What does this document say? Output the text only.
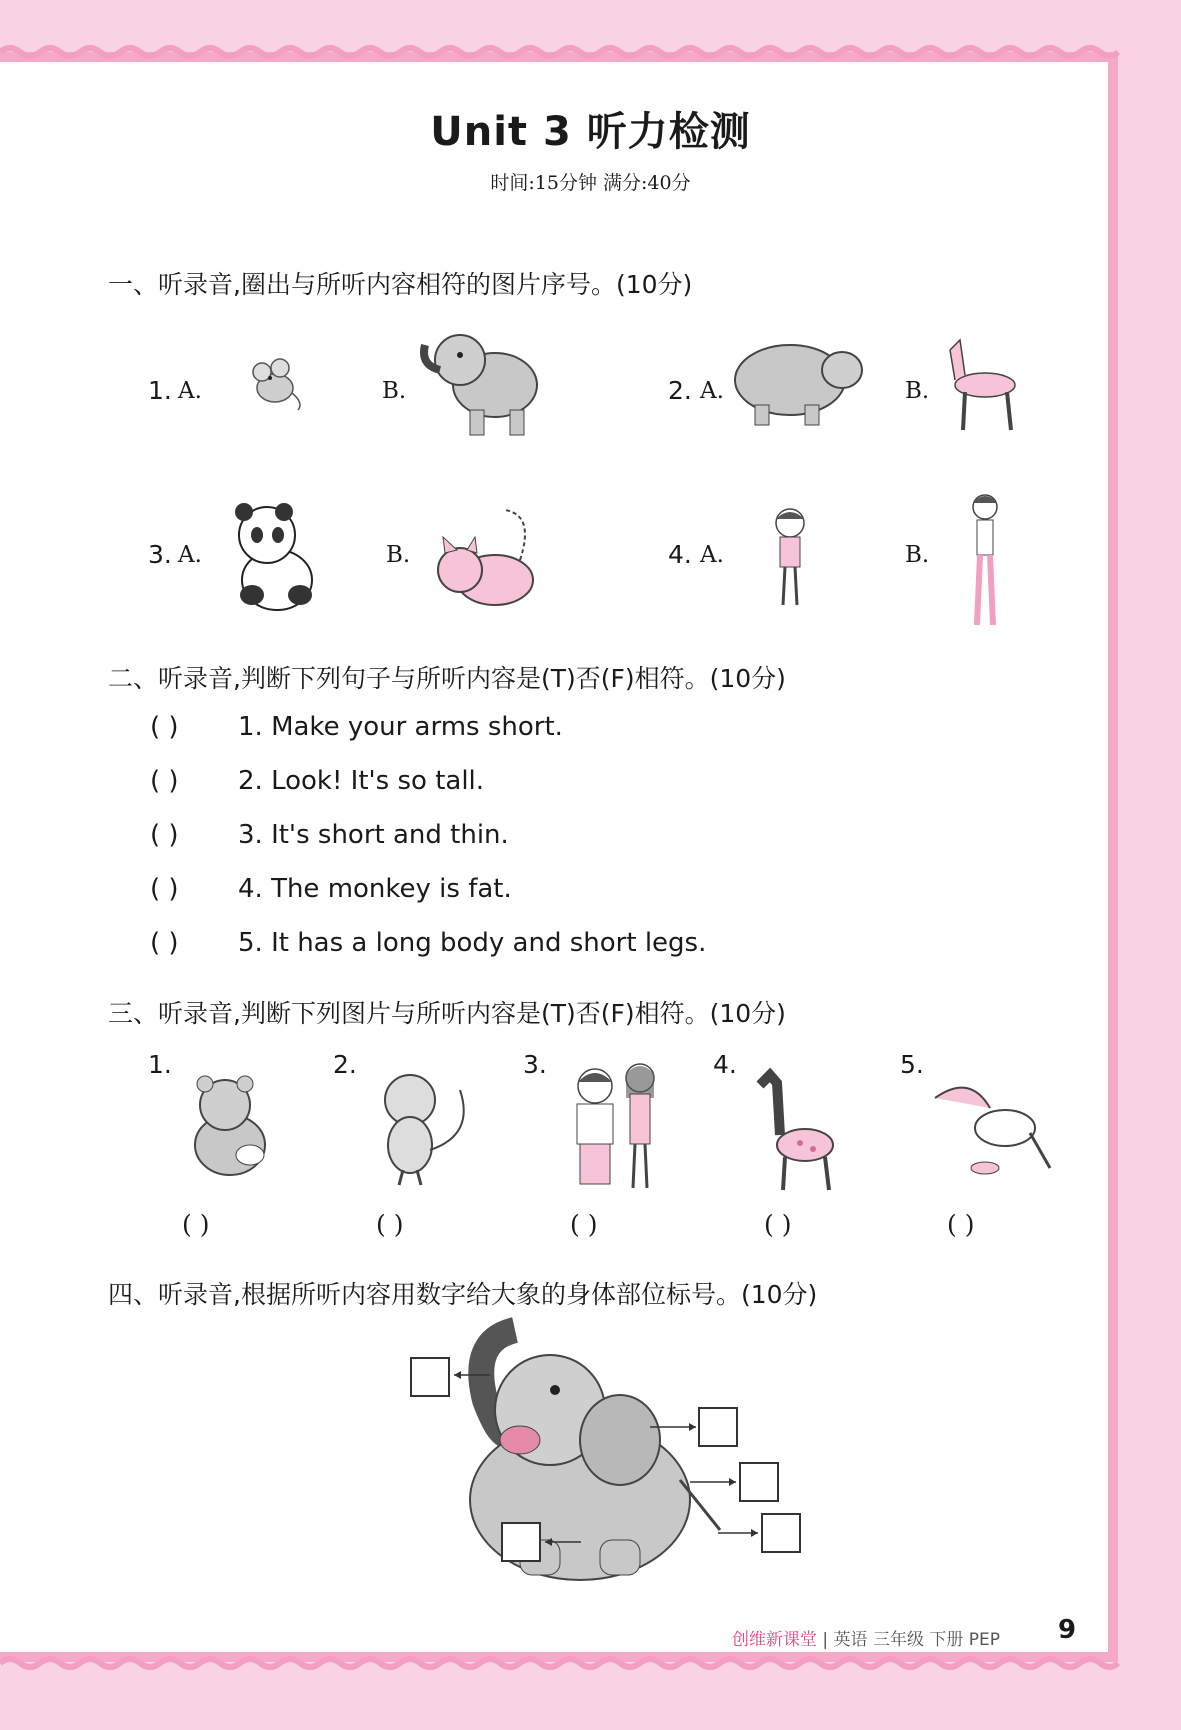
Unit 3 听力检测
时间:15分钟 满分:40分
一、听录音,圈出与所听内容相符的图片序号。(10分)
1. A.	B.	2. A.	B.
3. A.	B.	4. A.	B.
二、听录音,判断下列句子与所听内容是(T)否(F)相符。(10分)
( ) 1. Make your arms short.
( ) 2. Look! It's so tall.
( ) 3. It's short and thin.
( ) 4. The monkey is fat.
( ) 5. It has a long body and short legs.
三、听录音,判断下列图片与所听内容是(T)否(F)相符。(10分)
1.
( )
2.
( )
3.
( )
4.
( )
5.
( )
四、听录音,根据所听内容用数字给大象的身体部位标号。(10分)
创维新课堂 | 英语 三年级 下册 PEP 9
